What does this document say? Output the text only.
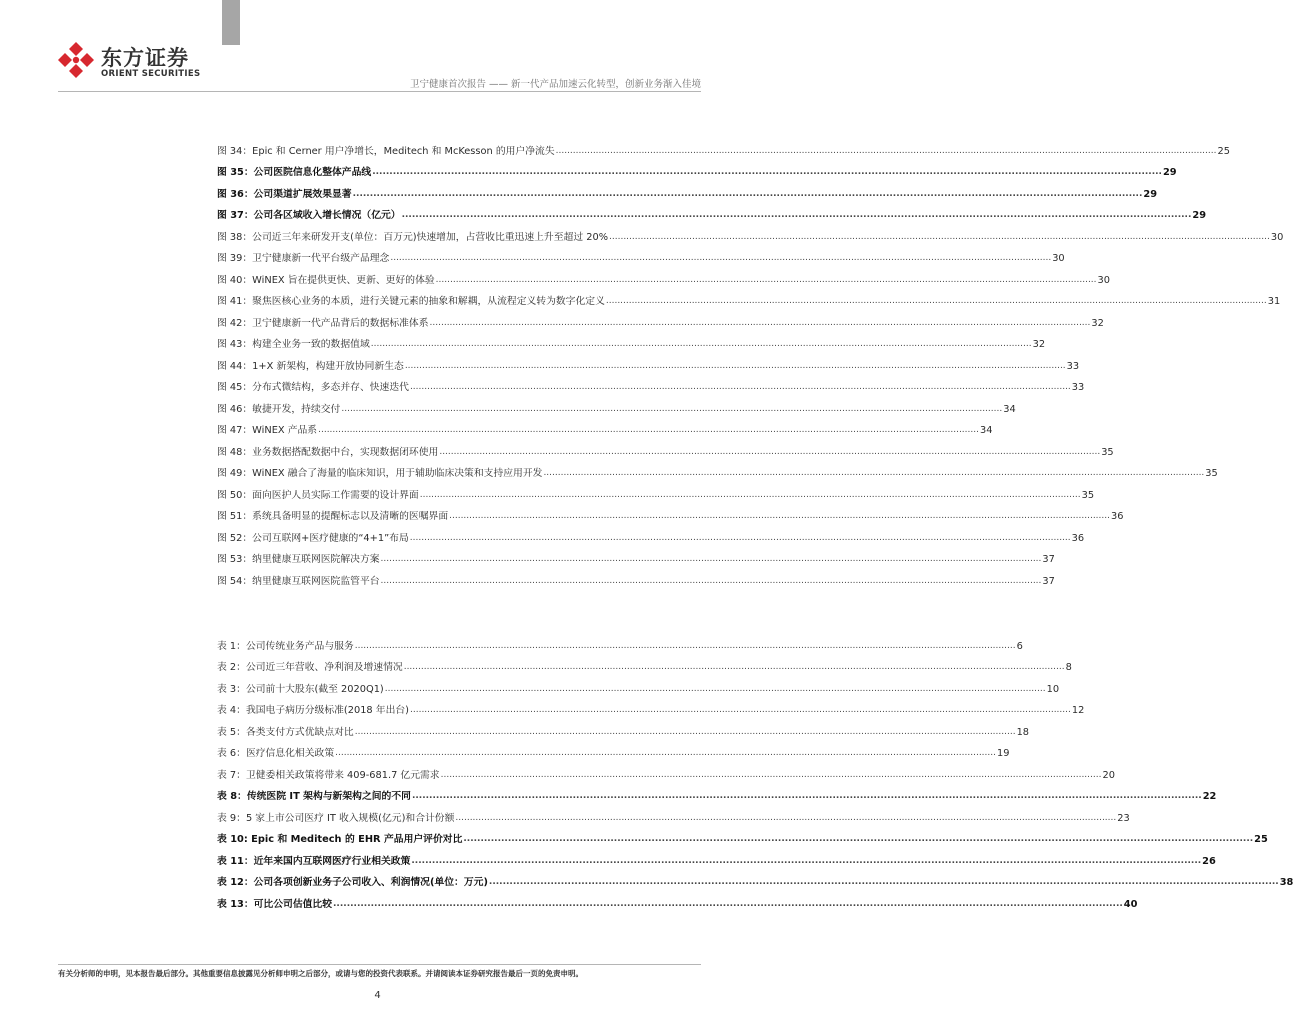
东方证券
ORIENT SECURITIES
卫宁健康首次报告 —— 新一代产品加速云化转型，创新业务渐入佳境
图 34：Epic 和 Cerner 用户净增长，Meditech 和 McKesson 的用户净流失 .....	25
图 35：公司医院信息化整体产品线 .....	29
图 36：公司渠道扩展效果显著 .....	29
图 37：公司各区域收入增长情况（亿元） .....	29
图 38：公司近三年来研发开支(单位：百万元)快速增加，占营收比重迅速上升至超过 20% .....	30
图 39：卫宁健康新一代平台级产品理念 .....	30
图 40：WiNEX 旨在提供更快、更新、更好的体验 .....	30
图 41：聚焦医核心业务的本质，进行关键元素的抽象和解耦，从流程定义转为数字化定义 .....	31
图 42：卫宁健康新一代产品背后的数据标准体系 .....	32
图 43：构建全业务一致的数据值域 .....	32
图 44：1+X 新架构，构建开放协同新生态 .....	33
图 45：分布式微结构，多态并存、快速迭代 .....	33
图 46：敏捷开发，持续交付 .....	34
图 47：WiNEX 产品系 .....	34
图 48：业务数据搭配数据中台，实现数据闭环使用 .....	35
图 49：WiNEX 融合了海量的临床知识，用于辅助临床决策和支持应用开发 .....	35
图 50：面向医护人员实际工作需要的设计界面 .....	35
图 51：系统具备明显的提醒标志以及清晰的医嘱界面 .....	36
图 52：公司互联网+医疗健康的“4+1”布局 .....	36
图 53：纳里健康互联网医院解决方案 .....	37
图 54：纳里健康互联网医院监管平台 .....	37
表 1：公司传统业务产品与服务 .....	6
表 2：公司近三年营收、净利润及增速情况 .....	8
表 3：公司前十大股东(截至 2020Q1) .....	10
表 4：我国电子病历分级标准(2018 年出台) .....	12
表 5：各类支付方式优缺点对比 .....	18
表 6：医疗信息化相关政策 .....	19
表 7：卫健委相关政策将带来 409-681.7 亿元需求 .....	20
表 8：传统医院 IT 架构与新架构之间的不同 .....	22
表 9：5 家上市公司医疗 IT 收入规模(亿元)和合计份额 .....	23
表 10: Epic 和 Meditech 的 EHR 产品用户评价对比 .....	25
表 11：近年来国内互联网医疗行业相关政策 .....	26
表 12：公司各项创新业务子公司收入、利润情况(单位：万元) .....	38
表 13：可比公司估值比较 .....	40
有关分析师的申明，见本报告最后部分。其他重要信息披露见分析师申明之后部分，或请与您的投资代表联系。并请阅读本证券研究报告最后一页的免责申明。
4
